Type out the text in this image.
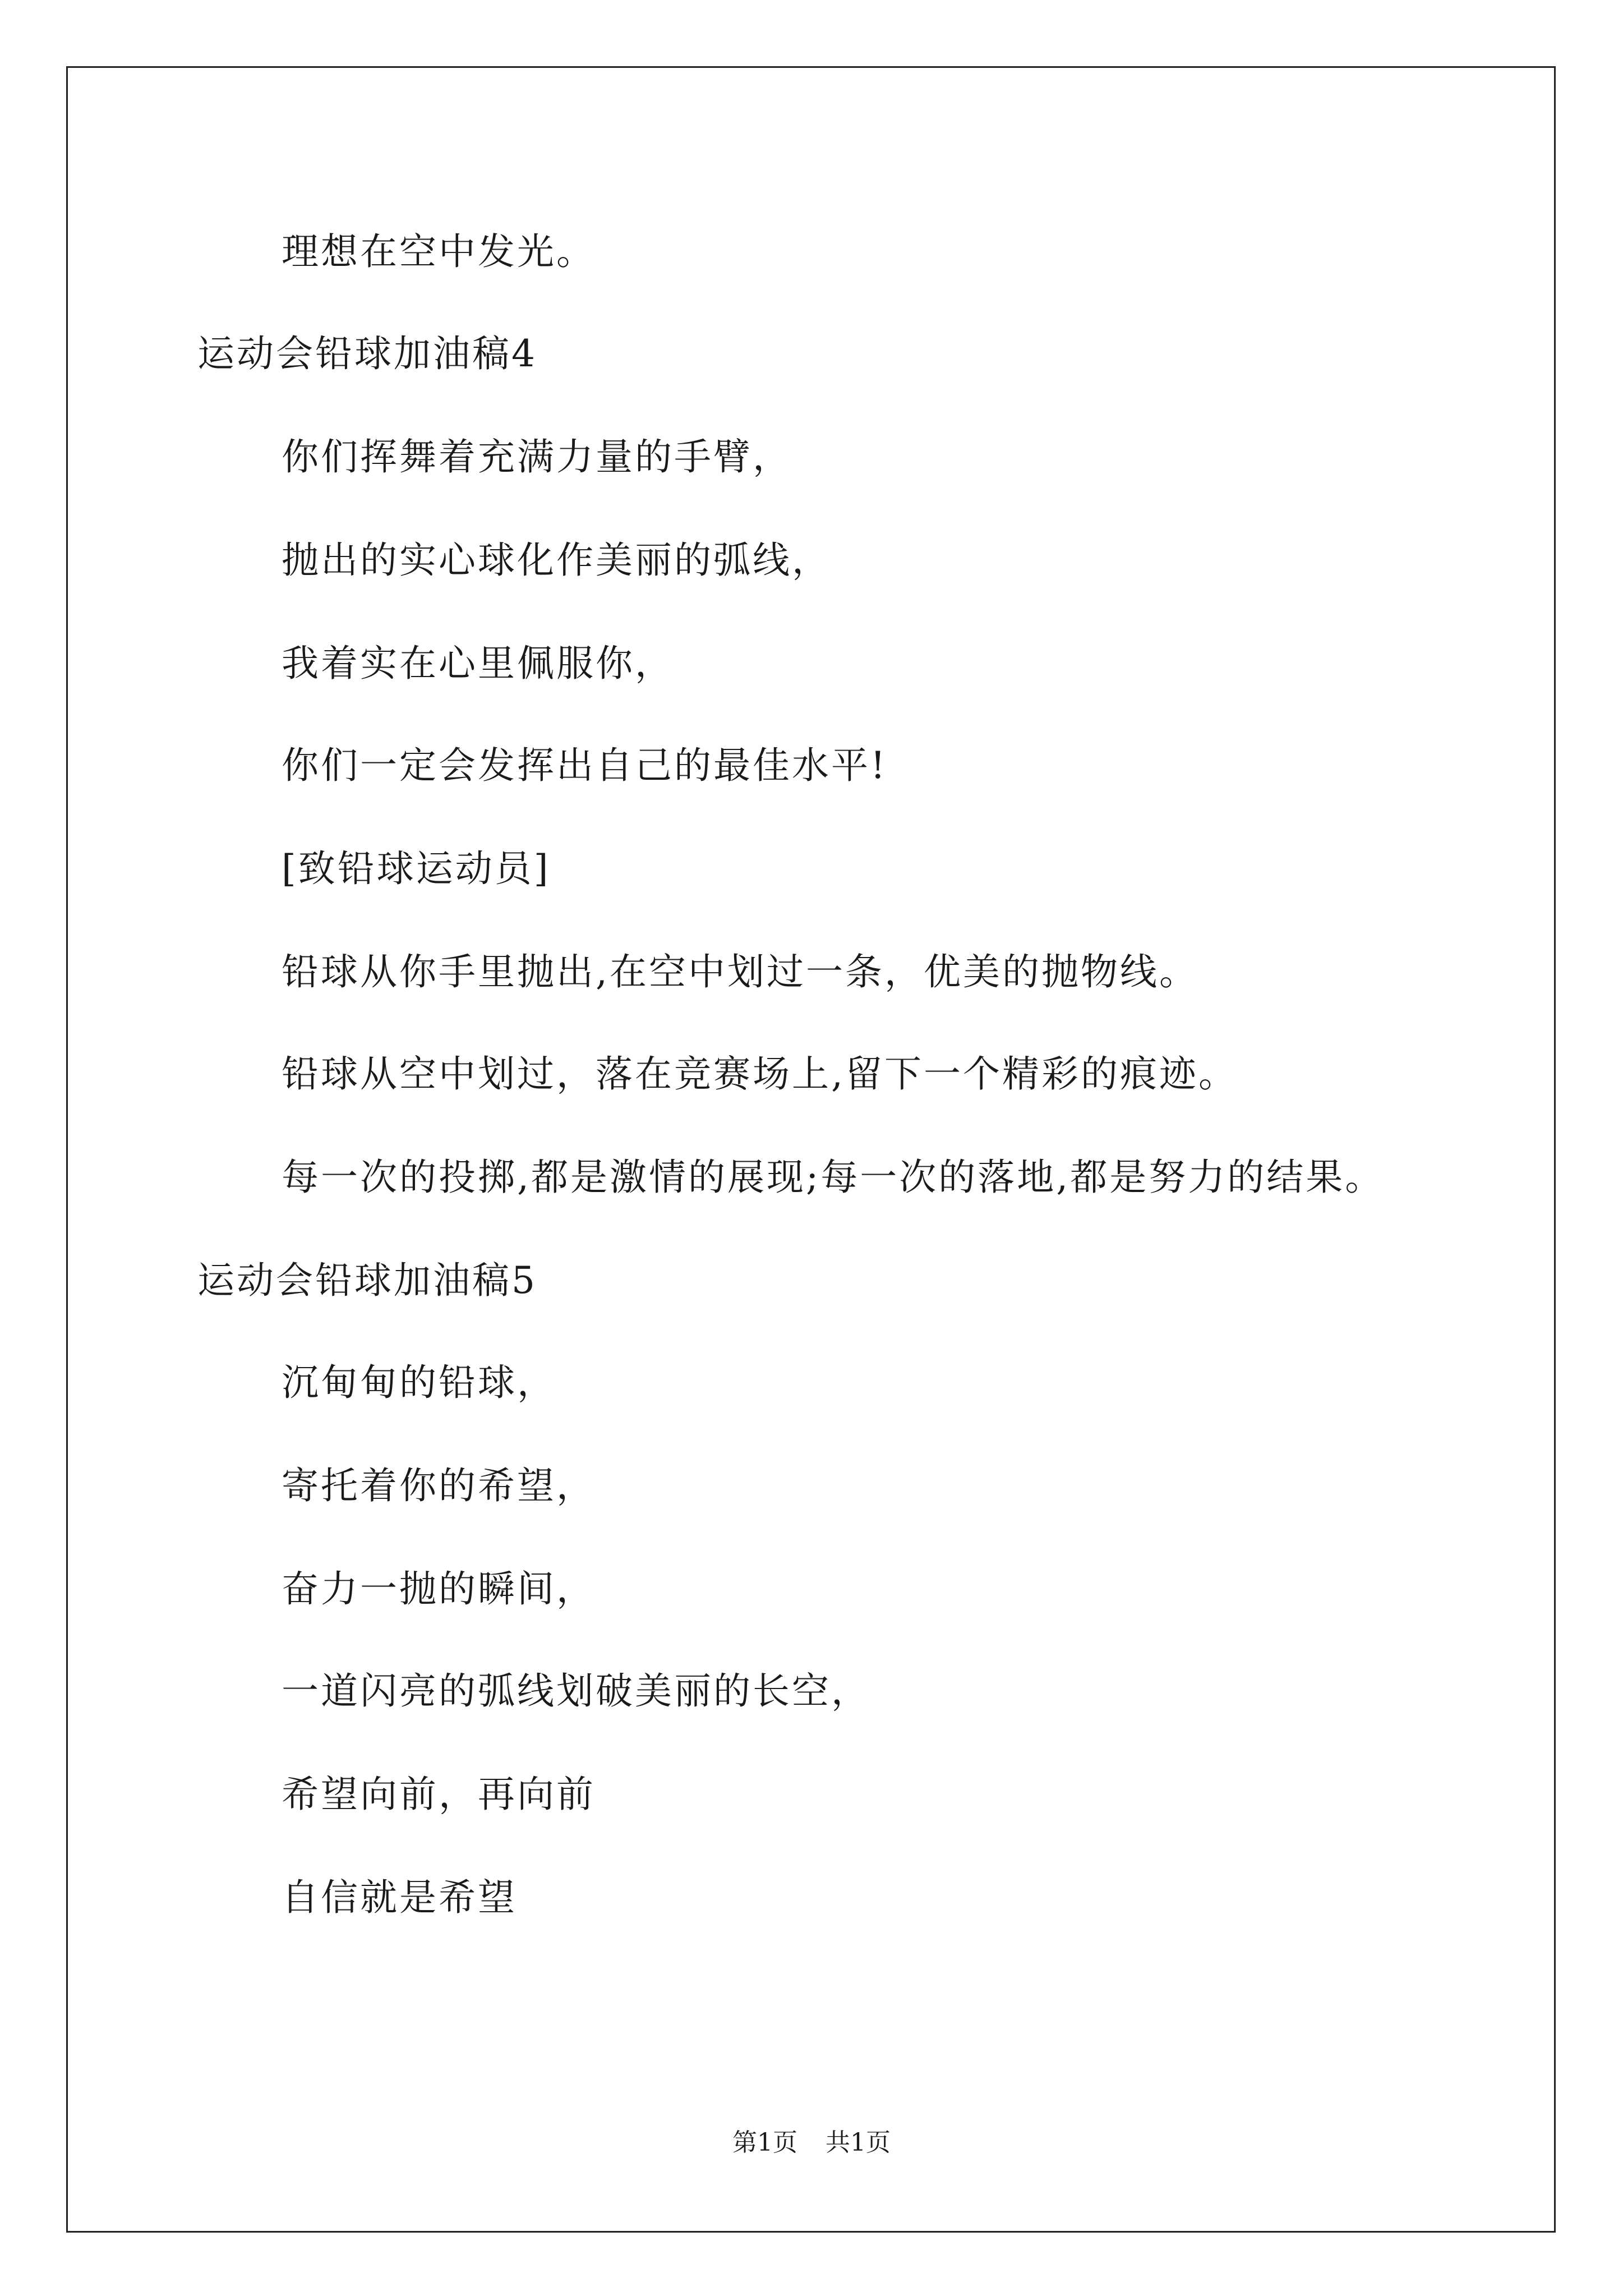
理想在空中发光。
运动会铅球加油稿4
你们挥舞着充满力量的手臂，
抛出的实心球化作美丽的弧线，
我着实在心里佩服你，
你们一定会发挥出自己的最佳水平!
[致铅球运动员]
铅球从你手里抛出,在空中划过一条，优美的抛物线。
铅球从空中划过，落在竞赛场上,留下一个精彩的痕迹。
每一次的投掷,都是激情的展现;每一次的落地,都是努力的结果。
运动会铅球加油稿5
沉甸甸的铅球，
寄托着你的希望，
奋力一抛的瞬间，
一道闪亮的弧线划破美丽的长空，
希望向前，再向前
自信就是希望
第1页 共1页
